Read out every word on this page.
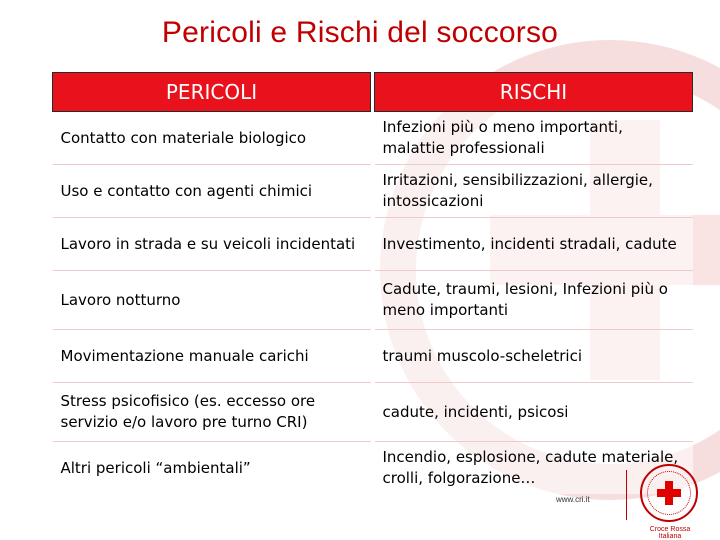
Pericoli e Rischi del soccorso
PERICOLI		RISCHI
Contatto con materiale biologico		Infezioni più o meno importanti, malattie professionali
Uso e contatto con agenti chimici		Irritazioni, sensibilizzazioni, allergie, intossicazioni
Lavoro in strada e su veicoli incidentati		Investimento, incidenti stradali, cadute
Lavoro notturno		Cadute, traumi, lesioni, Infezioni più o meno importanti
Movimentazione manuale carichi		traumi muscolo-scheletrici
Stress psicofisico (es. eccesso ore servizio e/o lavoro pre turno CRI)		cadute, incidenti, psicosi
Altri pericoli “ambientali”		Incendio, esplosione, cadute materiale, crolli, folgorazione…
www.cri.it
Croce Rossa Italiana
